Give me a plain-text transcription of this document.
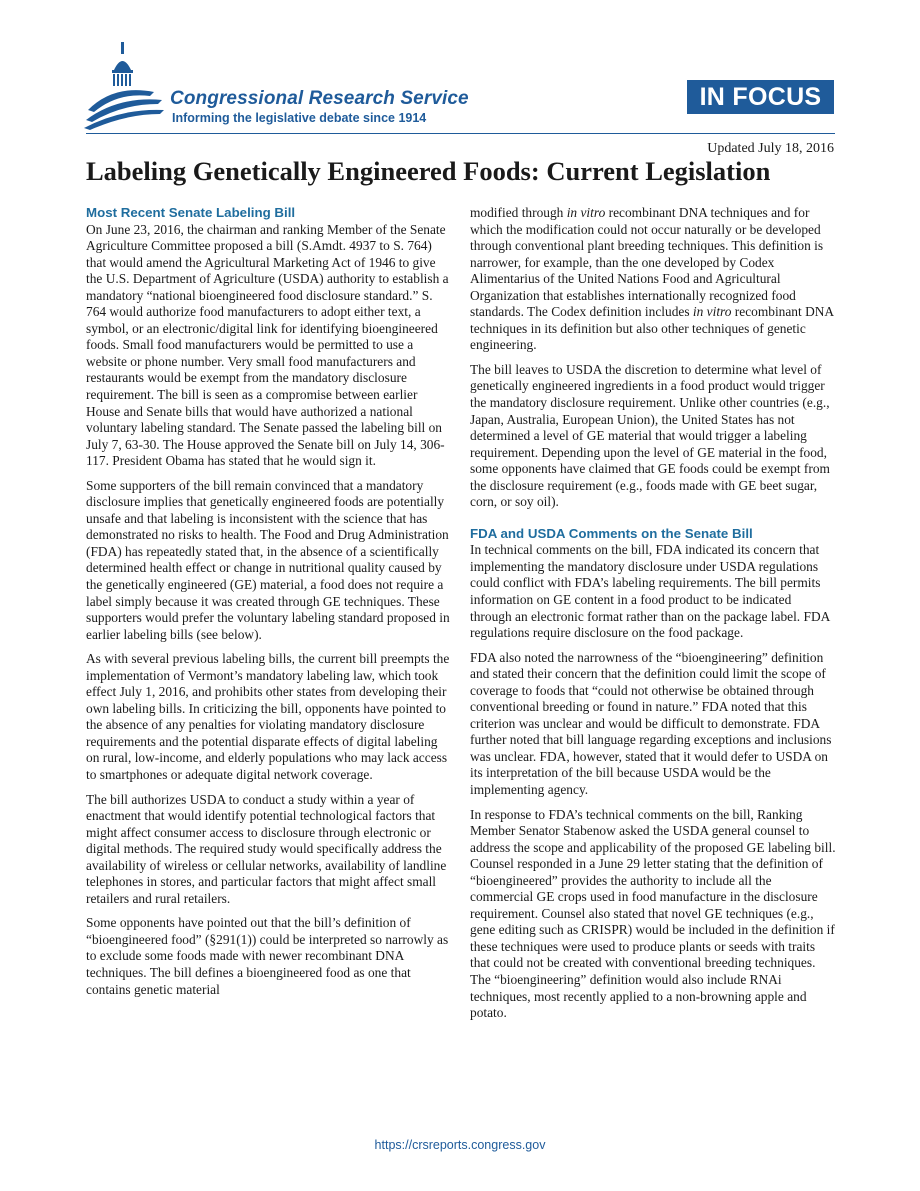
Congressional Research Service
Informing the legislative debate since 1914
IN FOCUS
Updated July 18, 2016
Labeling Genetically Engineered Foods: Current Legislation
Most Recent Senate Labeling Bill

On June 23, 2016, the chairman and ranking Member of the Senate Agriculture Committee proposed a bill (S.Amdt. 4937 to S. 764) that would amend the Agricultural Marketing Act of 1946 to give the U.S. Department of Agriculture (USDA) authority to establish a mandatory “national bioengineered food disclosure standard.” S. 764 would authorize food manufacturers to adopt either text, a symbol, or an electronic/digital link for identifying bioengineered foods. Small food manufacturers would be permitted to use a website or phone number. Very small food manufacturers and restaurants would be exempt from the mandatory disclosure requirement. The bill is seen as a compromise between earlier House and Senate bills that would have authorized a national voluntary labeling standard. The Senate passed the labeling bill on July 7, 63-30. The House approved the Senate bill on July 14, 306-117. President Obama has stated that he would sign it.

Some supporters of the bill remain convinced that a mandatory disclosure implies that genetically engineered foods are potentially unsafe and that labeling is inconsistent with the science that has demonstrated no risks to health. The Food and Drug Administration (FDA) has repeatedly stated that, in the absence of a scientifically determined health effect or change in nutritional quality caused by the genetically engineered (GE) material, a food does not require a label simply because it was created through GE techniques. These supporters would prefer the voluntary labeling standard proposed in earlier labeling bills (see below).

As with several previous labeling bills, the current bill preempts the implementation of Vermont’s mandatory labeling law, which took effect July 1, 2016, and prohibits other states from developing their own labeling bills. In criticizing the bill, opponents have pointed to the absence of any penalties for violating mandatory disclosure requirements and the potential disparate effects of digital labeling on rural, low-income, and elderly populations who may lack access to smartphones or adequate digital network coverage.

The bill authorizes USDA to conduct a study within a year of enactment that would identify potential technological factors that might affect consumer access to disclosure through electronic or digital methods. The required study would specifically address the availability of wireless or cellular networks, availability of landline telephones in stores, and particular factors that might affect small retailers and rural retailers.

Some opponents have pointed out that the bill’s definition of “bioengineered food” (§291(1)) could be interpreted so narrowly as to exclude some foods made with newer recombinant DNA techniques. The bill defines a bioengineered food as one that contains genetic material

modified through in vitro recombinant DNA techniques and for which the modification could not occur naturally or be developed through conventional plant breeding techniques. This definition is narrower, for example, than the one developed by Codex Alimentarius of the United Nations Food and Agricultural Organization that establishes internationally recognized food standards. The Codex definition includes in vitro recombinant DNA techniques in its definition but also other techniques of genetic engineering.

The bill leaves to USDA the discretion to determine what level of genetically engineered ingredients in a food product would trigger the mandatory disclosure requirement. Unlike other countries (e.g., Japan, Australia, European Union), the United States has not determined a level of GE material that would trigger a labeling requirement. Depending upon the level of GE material in the food, some opponents have claimed that GE foods could be exempt from the disclosure requirement (e.g., foods made with GE beet sugar, corn, or soy oil).

FDA and USDA Comments on the Senate Bill

In technical comments on the bill, FDA indicated its concern that implementing the mandatory disclosure under USDA regulations could conflict with FDA’s labeling requirements. The bill permits information on GE content in a food product to be indicated through an electronic format rather than on the package label. FDA regulations require disclosure on the food package.

FDA also noted the narrowness of the “bioengineering” definition and stated their concern that the definition could limit the scope of coverage to foods that “could not otherwise be obtained through conventional breeding or found in nature.” FDA noted that this criterion was unclear and would be difficult to demonstrate. FDA further noted that bill language regarding exceptions and inclusions was unclear. FDA, however, stated that it would defer to USDA on its interpretation of the bill because USDA would be the implementing agency.

In response to FDA’s technical comments on the bill, Ranking Member Senator Stabenow asked the USDA general counsel to address the scope and applicability of the proposed GE labeling bill. Counsel responded in a June 29 letter stating that the definition of “bioengineered” provides the authority to include all the commercial GE crops used in food manufacture in the disclosure requirement. Counsel also stated that novel GE techniques (e.g., gene editing such as CRISPR) would be included in the definition if these techniques were used to produce plants or seeds with traits that could not be created with conventional breeding techniques. The “bioengineering” definition would also include RNAi techniques, most recently applied to a non-browning apple and potato.

https://crsreports.congress.gov
